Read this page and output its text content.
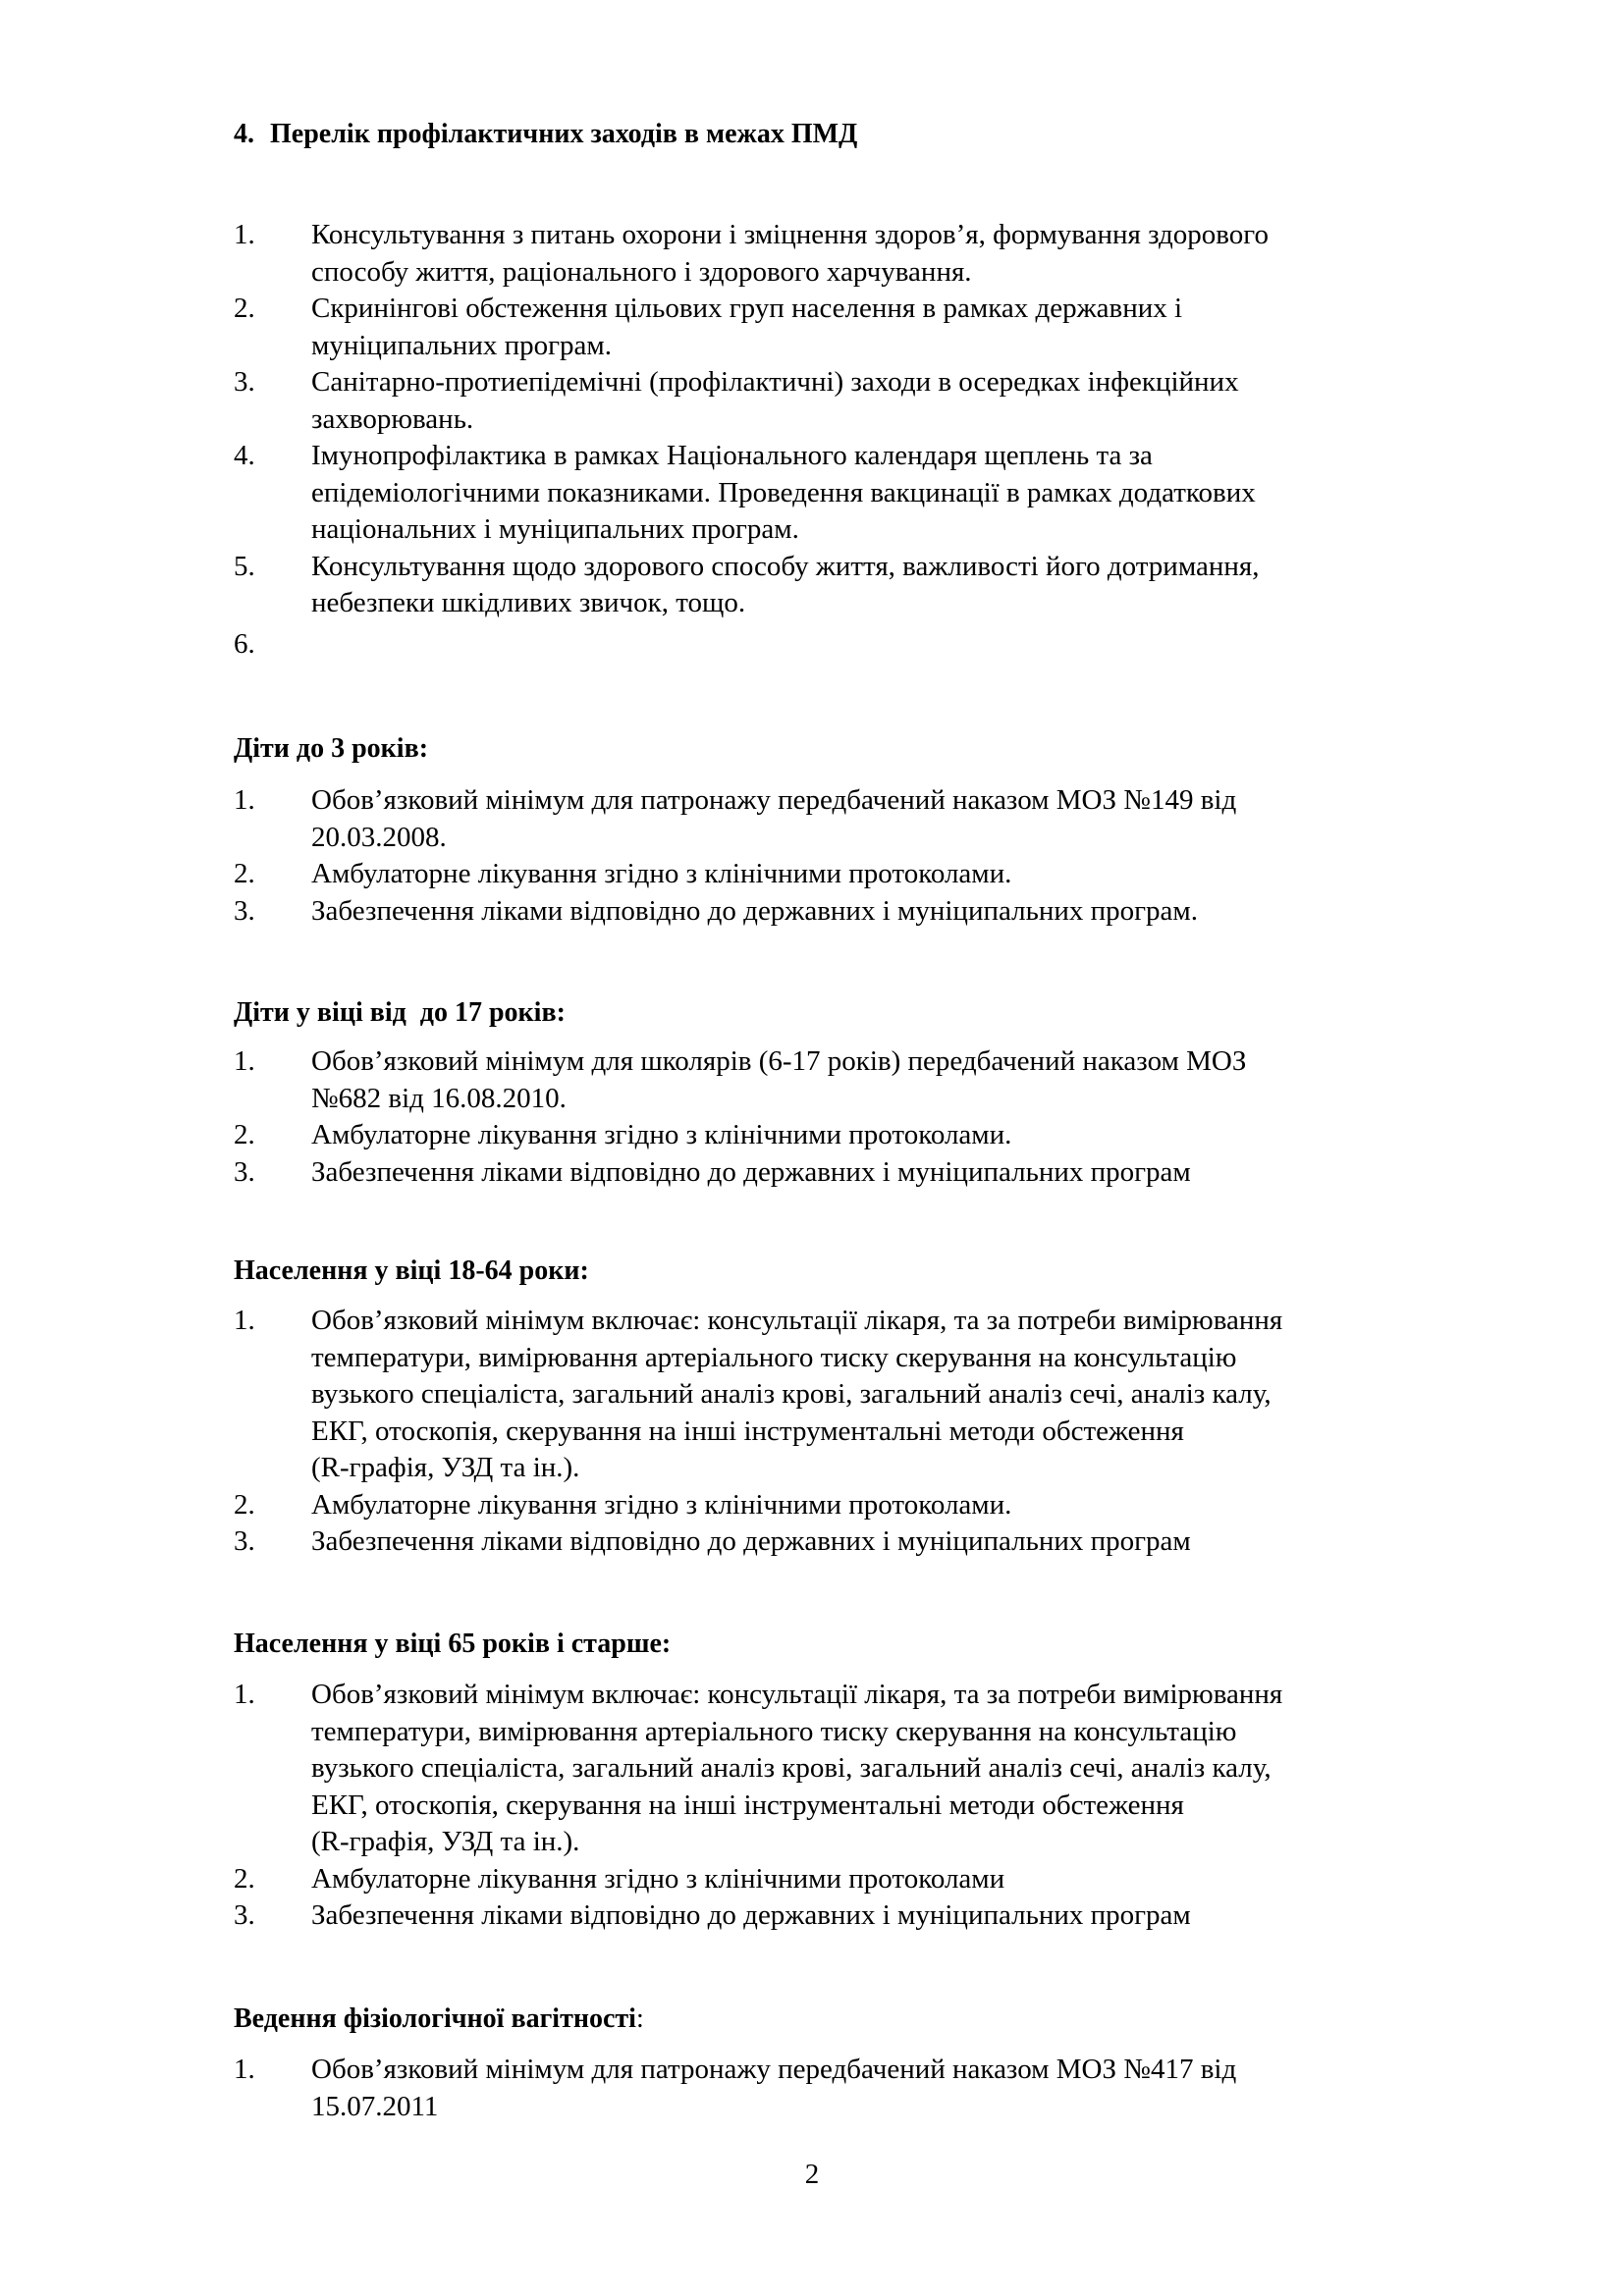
4. Перелік профілактичних заходів в межах ПМД
1. Консультування з питань охорони і зміцнення здоров’я, формування здорового
способу життя, раціонального і здорового харчування.
2. Скринінгові обстеження цільових груп населення в рамках державних і
муніципальних програм.
3. Санітарно-протиепідемічні (профілактичні) заходи в осередках інфекційних
захворювань.
4. Імунопрофілактика в рамках Національного календаря щеплень та за
епідеміологічними показниками. Проведення вакцинації в рамках додаткових
національних і муніципальних програм.
5. Консультування щодо здорового способу життя, важливості його дотримання,
небезпеки шкідливих звичок, тощо.
6.
Діти до 3 років:
1. Обов’язковий мінімум для патронажу передбачений наказом МОЗ №149 від
20.03.2008.
2. Амбулаторне лікування згідно з клінічними протоколами.
3. Забезпечення ліками відповідно до державних і муніципальних програм.
Діти у віці від  до 17 років:
1. Обов’язковий мінімум для школярів (6-17 років) передбачений наказом МОЗ
№682 від 16.08.2010.
2. Амбулаторне лікування згідно з клінічними протоколами.
3. Забезпечення ліками відповідно до державних і муніципальних програм
Населення у віці 18-64 роки:
1. Обов’язковий мінімум включає: консультації лікаря, та за потреби вимірювання
температури, вимірювання артеріального тиску скерування на консультацію
вузького спеціаліста, загальний аналіз крові, загальний аналіз сечі, аналіз калу,
ЕКГ, отоскопія, скерування на інші інструментальні методи обстеження
(R-графія, УЗД та ін.).
2. Амбулаторне лікування згідно з клінічними протоколами.
3. Забезпечення ліками відповідно до державних і муніципальних програм
Населення у віці 65 років і старше:
1. Обов’язковий мінімум включає: консультації лікаря, та за потреби вимірювання
температури, вимірювання артеріального тиску скерування на консультацію
вузького спеціаліста, загальний аналіз крові, загальний аналіз сечі, аналіз калу,
ЕКГ, отоскопія, скерування на інші інструментальні методи обстеження
(R-графія, УЗД та ін.).
2. Амбулаторне лікування згідно з клінічними протоколами
3. Забезпечення ліками відповідно до державних і муніципальних програм
Ведення фізіологічної вагітності:
1. Обов’язковий мінімум для патронажу передбачений наказом МОЗ №417 від
15.07.2011
2
